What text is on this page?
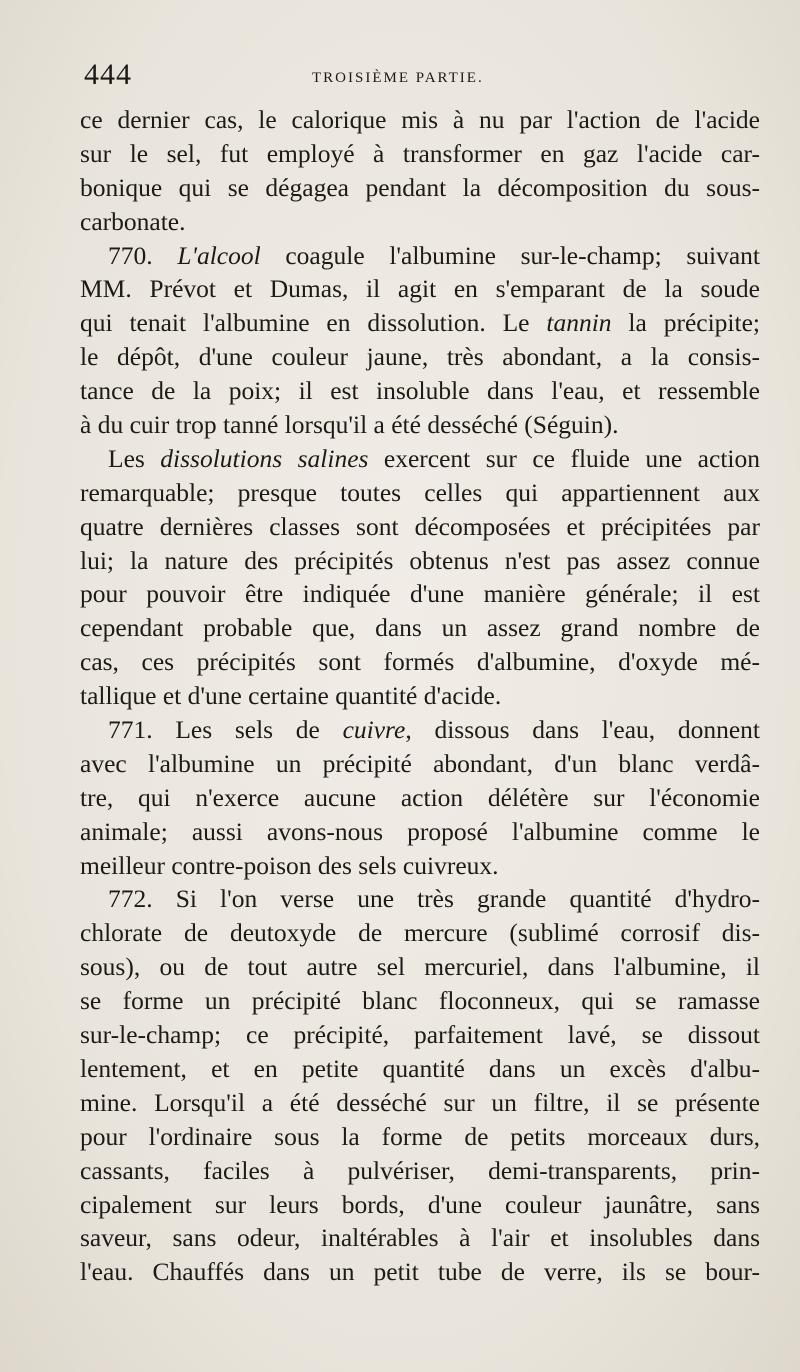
444	TROISIÈME PARTIE.
ce dernier cas, le calorique mis à nu par l'action de l'acide
sur le sel, fut employé à transformer en gaz l'acide car-
bonique qui se dégagea pendant la décomposition du sous-
carbonate.
770. L'alcool coagule l'albumine sur-le-champ; suivant
MM. Prévot et Dumas, il agit en s'emparant de la soude
qui tenait l'albumine en dissolution. Le tannin la précipite;
le dépôt, d'une couleur jaune, très abondant, a la consis-
tance de la poix; il est insoluble dans l'eau, et ressemble
à du cuir trop tanné lorsqu'il a été desséché (Séguin).
Les dissolutions salines exercent sur ce fluide une action
remarquable; presque toutes celles qui appartiennent aux
quatre dernières classes sont décomposées et précipitées par
lui; la nature des précipités obtenus n'est pas assez connue
pour pouvoir être indiquée d'une manière générale; il est
cependant probable que, dans un assez grand nombre de
cas, ces précipités sont formés d'albumine, d'oxyde mé-
tallique et d'une certaine quantité d'acide.
771. Les sels de cuivre, dissous dans l'eau, donnent
avec l'albumine un précipité abondant, d'un blanc verdâ-
tre, qui n'exerce aucune action délétère sur l'économie
animale; aussi avons-nous proposé l'albumine comme le
meilleur contre-poison des sels cuivreux.
772. Si l'on verse une très grande quantité d'hydro-
chlorate de deutoxyde de mercure (sublimé corrosif dis-
sous), ou de tout autre sel mercuriel, dans l'albumine, il
se forme un précipité blanc floconneux, qui se ramasse
sur-le-champ; ce précipité, parfaitement lavé, se dissout
lentement, et en petite quantité dans un excès d'albu-
mine. Lorsqu'il a été desséché sur un filtre, il se présente
pour l'ordinaire sous la forme de petits morceaux durs,
cassants, faciles à pulvériser, demi-transparents, prin-
cipalement sur leurs bords, d'une couleur jaunâtre, sans
saveur, sans odeur, inaltérables à l'air et insolubles dans
l'eau. Chauffés dans un petit tube de verre, ils se bour-
